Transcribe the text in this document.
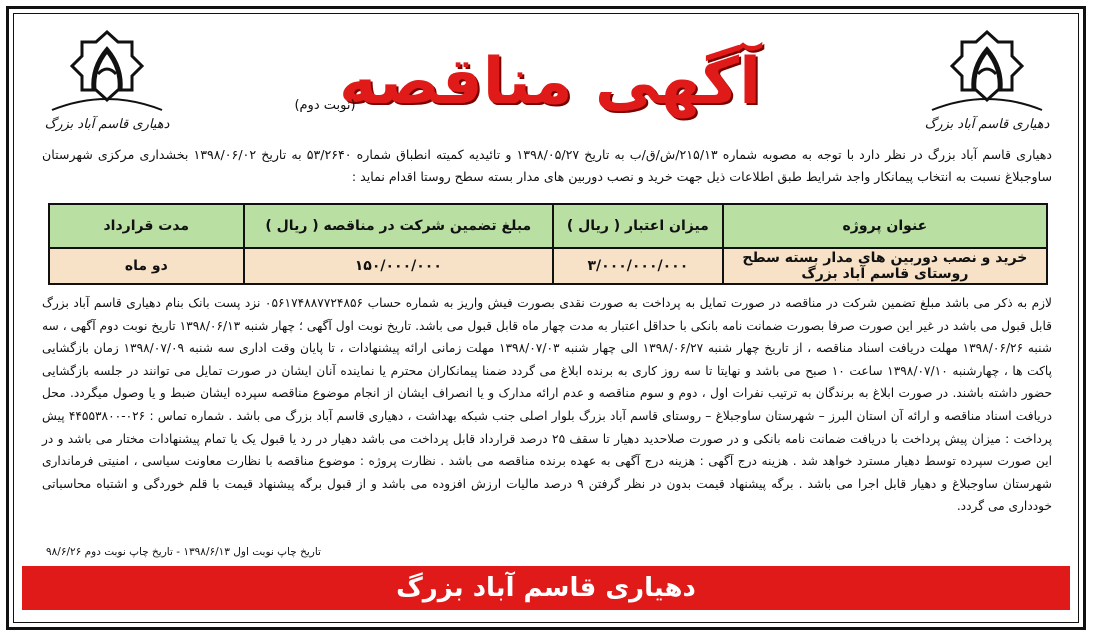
دهیاری قاسم آباد بزرگ
دهیاری قاسم آباد بزرگ
آگهی مناقصه
(نوبت دوم)
دهیاری قاسم آباد بزرگ در نظر دارد با توجه به مصوبه شماره ۲۱۵/۱۳/ش/ق/ب به تاریخ ۱۳۹۸/۰۵/۲۷ و تائیدیه کمیته انطباق شماره ۵۳/۲۶۴۰ به تاریخ ۱۳۹۸/۰۶/۰۲ بخشداری مرکزی شهرستان ساوجبلاغ نسبت به انتخاب پیمانکار واجد شرایط طبق اطلاعات ذیل جهت خرید و نصب دوربین های مدار بسته سطح روستا اقدام نماید :
عنوان پروژه	میزان اعتبار ( ریال )	مبلغ تضمین شرکت در مناقصه ( ریال )	مدت قرارداد
خرید و نصب دوربین های مدار بسته سطح روستای قاسم آباد بزرگ	۳/۰۰۰/۰۰۰/۰۰۰	۱۵۰/۰۰۰/۰۰۰	دو ماه
لازم به ذکر می باشد مبلغ تضمین شرکت در مناقصه در صورت تمایل به پرداخت به صورت نقدی بصورت فیش واریز به شماره حساب ۰۵۶۱۷۴۸۸۷۷۲۴۸۵۶ نزد پست بانک بنام دهیاری قاسم آباد بزرگ قابل قبول می باشد در غیر این صورت صرفا بصورت ضمانت نامه بانکی با حداقل اعتبار به مدت چهار ماه قابل قبول می باشد. تاریخ نوبت اول آگهی ؛ چهار شنبه ۱۳۹۸/۰۶/۱۳ تاریخ نوبت دوم آگهی ، سه شنبه ۱۳۹۸/۰۶/۲۶ مهلت دریافت اسناد مناقصه ، از تاریخ چهار شنبه ۱۳۹۸/۰۶/۲۷ الی چهار شنبه ۱۳۹۸/۰۷/۰۳ مهلت زمانی ارائه پیشنهادات ، تا پایان وقت اداری سه شنبه ۱۳۹۸/۰۷/۰۹ زمان بازگشایی پاکت ها ، چهارشنبه ۱۳۹۸/۰۷/۱۰ ساعت ۱۰ صبح می باشد و نهایتا تا سه روز کاری به برنده ابلاغ می گردد ضمنا پیمانکاران محترم یا نماینده آنان ایشان در صورت تمایل می توانند در جلسه بازگشایی حضور داشته باشند. در صورت ابلاغ به برندگان به ترتیب نفرات اول ، دوم و سوم مناقصه و عدم ارائه مدارک و یا انصراف ایشان از انجام موضوع مناقصه سپرده ایشان ضبط و یا وصول میگردد. محل دریافت اسناد مناقصه و ارائه آن استان البرز – شهرستان ساوجبلاغ – روستای قاسم آباد بزرگ بلوار اصلی جنب شبکه بهداشت ، دهیاری قاسم آباد بزرگ می باشد . شماره تماس : ۰۲۶-۴۴۵۵۳۸۰۰ پیش پرداخت : میزان پیش پرداخت با دریافت ضمانت نامه بانکی و در صورت صلاحدید دهیار تا سقف ۲۵ درصد قرارداد قابل پرداخت می باشد دهیار در رد یا قبول یک یا تمام پیشنهادات مختار می باشد و در این صورت سپرده توسط دهیار مسترد خواهد شد . هزینه درج آگهی : هزینه درج آگهی به عهده برنده مناقصه می باشد . نظارت پروژه : موضوع مناقصه با نظارت معاونت سیاسی ، امنیتی فرمانداری شهرستان ساوجبلاغ و دهیار قابل اجرا می باشد . برگه پیشنهاد قیمت بدون در نظر گرفتن ۹ درصد مالیات ارزش افزوده می باشد و از قبول برگه پیشنهاد قیمت با قلم خوردگی و اشتباه محاسباتی خودداری می گردد.
تاریخ چاپ نوبت اول ۱۳۹۸/۶/۱۳ - تاریخ چاپ نوبت دوم ۹۸/۶/۲۶
دهیاری قاسم آباد بزرگ
